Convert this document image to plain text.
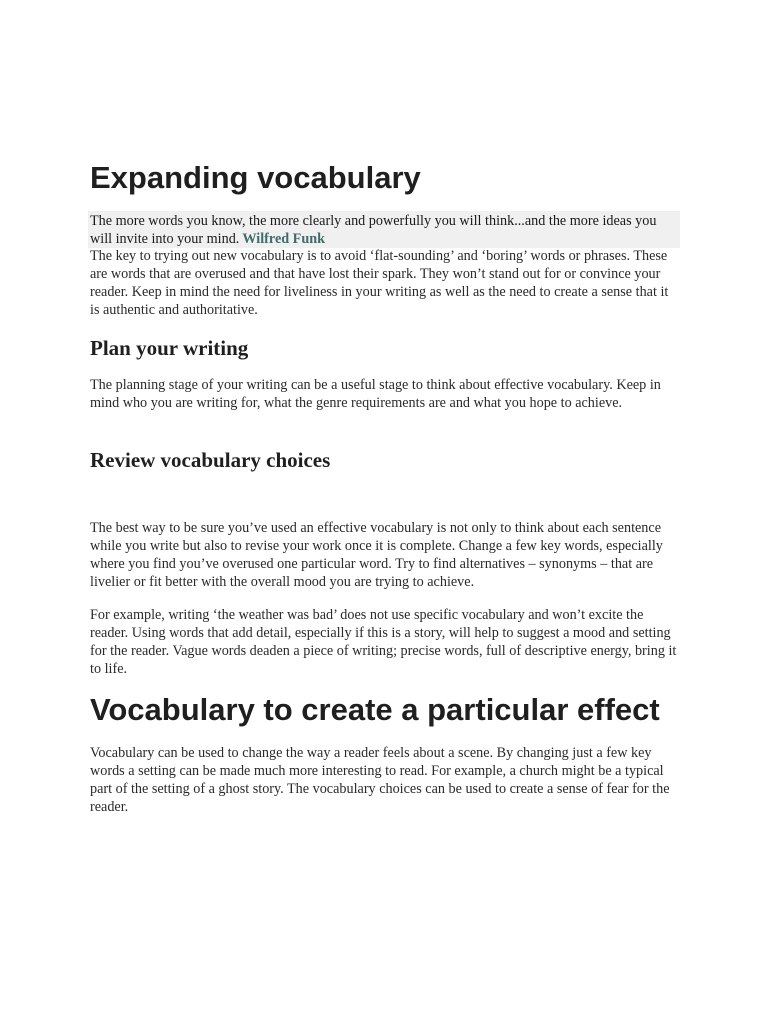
Expanding vocabulary
The more words you know, the more clearly and powerfully you will think...and the more ideas you will invite into your mind. Wilfred Funk

The key to trying out new vocabulary is to avoid ‘flat-sounding’ and ‘boring’ words or phrases. These are words that are overused and that have lost their spark. They won’t stand out for or convince your reader. Keep in mind the need for liveliness in your writing as well as the need to create a sense that it is authentic and authoritative.

Plan your writing

The planning stage of your writing can be a useful stage to think about effective vocabulary. Keep in mind who you are writing for, what the genre requirements are and what you hope to achieve.

Review vocabulary choices

The best way to be sure you’ve used an effective vocabulary is not only to think about each sentence while you write but also to revise your work once it is complete. Change a few key words, especially where you find you’ve overused one particular word. Try to find alternatives – synonyms – that are livelier or fit better with the overall mood you are trying to achieve.

For example, writing ‘the weather was bad’ does not use specific vocabulary and won’t excite the reader. Using words that add detail, especially if this is a story, will help to suggest a mood and setting for the reader. Vague words deaden a piece of writing; precise words, full of descriptive energy, bring it to life.

Vocabulary to create a particular effect

Vocabulary can be used to change the way a reader feels about a scene. By changing just a few key words a setting can be made much more interesting to read. For example, a church might be a typical part of the setting of a ghost story. The vocabulary choices can be used to create a sense of fear for the reader.
